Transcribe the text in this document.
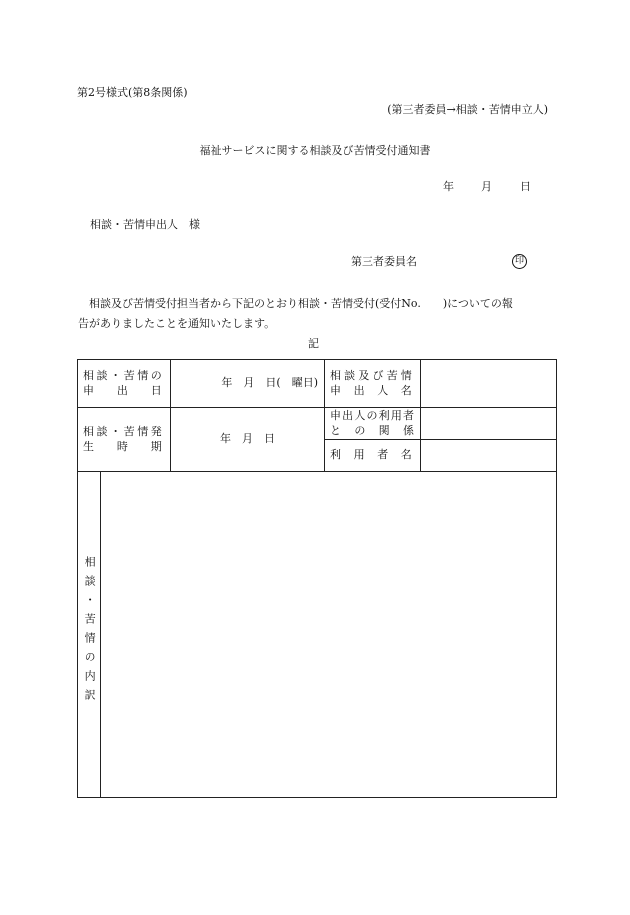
第2号様式(第8条関係)
(第三者委員→相談・苦情申立人)
福祉サービスに関する相談及び苦情受付通知書
年 月	日
相談・苦情申出人　様
第三者委員名	印
相談及び苦情受付担当者から下記のとおり相談・苦情受付(受付No.　　)についての報
告がありましたことを通知いたします。
記
相談・苦情の
申出日		年　月　日(　曜日)	相談及び苦情
申出人名	

相談・苦情発
生時期		年　月　日	申出人の利用者
との関係	

			利用者名	

相談・苦情の内訳				
